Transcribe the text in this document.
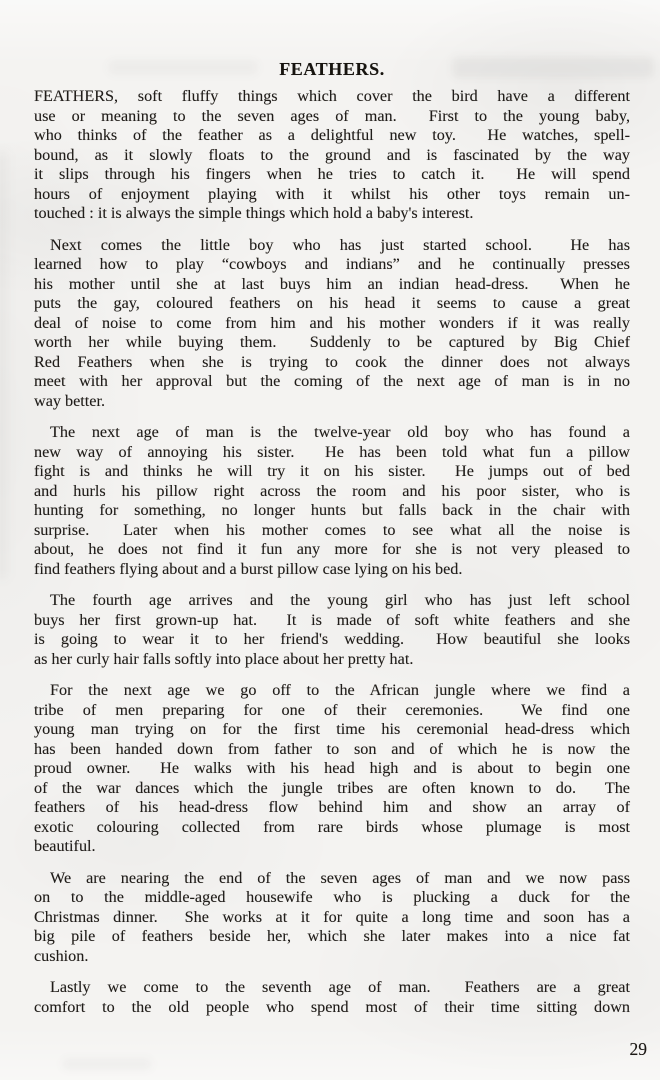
FEATHERS.

FEATHERS, soft fluffy things which cover the bird have a different
use or meaning to the seven ages of man.  First to the young baby,
who thinks of the feather as a delightful new toy.  He watches, spell-
bound, as it slowly floats to the ground and is fascinated by the way
it slips through his fingers when he tries to catch it.  He will spend
hours of enjoyment playing with it whilst his other toys remain un-
touched : it is always the simple things which hold a baby's interest.

Next comes the little boy who has just started school.  He has
learned how to play “cowboys and indians” and he continually presses
his mother until she at last buys him an indian head-dress.  When he
puts the gay, coloured feathers on his head it seems to cause a great
deal of noise to come from him and his mother wonders if it was really
worth her while buying them.  Suddenly to be captured by Big Chief
Red Feathers when she is trying to cook the dinner does not always
meet with her approval but the coming of the next age of man is in no
way better.

The next age of man is the twelve-year old boy who has found a
new way of annoying his sister.  He has been told what fun a pillow
fight is and thinks he will try it on his sister.  He jumps out of bed
and hurls his pillow right across the room and his poor sister, who is
hunting for something, no longer hunts but falls back in the chair with
surprise.  Later when his mother comes to see what all the noise is
about, he does not find it fun any more for she is not very pleased to
find feathers flying about and a burst pillow case lying on his bed.

The fourth age arrives and the young girl who has just left school
buys her first grown-up hat.  It is made of soft white feathers and she
is going to wear it to her friend's wedding.  How beautiful she looks
as her curly hair falls softly into place about her pretty hat.

For the next age we go off to the African jungle where we find a
tribe of men preparing for one of their ceremonies.  We find one
young man trying on for the first time his ceremonial head-dress which
has been handed down from father to son and of which he is now the
proud owner.  He walks with his head high and is about to begin one
of the war dances which the jungle tribes are often known to do.  The
feathers of his head-dress flow behind him and show an array of
exotic colouring collected from rare birds whose plumage is most
beautiful.

We are nearing the end of the seven ages of man and we now pass
on to the middle-aged housewife who is plucking a duck for the
Christmas dinner.  She works at it for quite a long time and soon has a
big pile of feathers beside her, which she later makes into a nice fat
cushion.

Lastly we come to the seventh age of man.  Feathers are a great
comfort to the old people who spend most of their time sitting down

29
